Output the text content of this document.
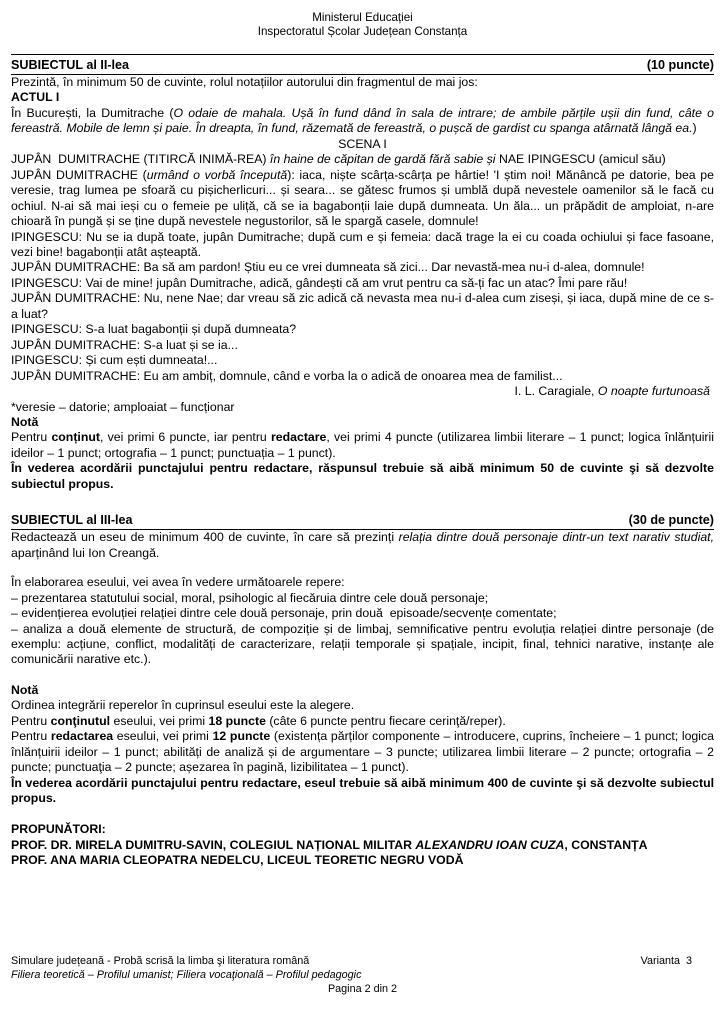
Ministerul Educației
Inspectoratul Școlar Județean Constanța
SUBIECTUL al II-lea	(10 puncte)

Prezintă, în minimum 50 de cuvinte, rolul notațiilor autorului din fragmentul de mai jos:

ACTUL I

În București, la Dumitrache (O odaie de mahala. Ușă în fund dând în sala de intrare; de ambile părțile ușii din fund, câte o fereastră. Mobile de lemn și paie. În dreapta, în fund, răzemată de fereastră, o pușcă de gardist cu spanga atârnată lângă ea.)

SCENA I

JUPÂN  DUMITRACHE (TITIRCĂ INIMĂ-REA) în haine de căpitan de gardă fără sabie și NAE IPINGESCU (amicul său)

JUPÂN DUMITRACHE (urmând o vorbă începută): iaca, niște scârța-scârța pe hârtie! 'I știm noi! Mănâncă pe datorie, bea pe veresie, trag lumea pe sfoară cu pișicherlicuri... și seara... se gătesc frumos și umblă după nevestele oamenilor să le facă cu ochiul. N-ai să mai ieși cu o femeie pe uliță, că se ia bagabonții laie după dumneata. Un ăla... un prăpădit de amploiat, n-are chioară în pungă și se ține după nevestele negustorilor, să le spargă casele, domnule!

IPINGESCU: Nu se ia după toate, jupân Dumitrache; după cum e și femeia: dacă trage la ei cu coada ochiului și face fasoane, vezi bine! bagabonții atât așteaptă.

JUPÂN DUMITRACHE: Ba să am pardon! Știu eu ce vrei dumneata să zici... Dar nevastă-mea nu-i d-alea, domnule!

IPINGESCU: Vai de mine! jupân Dumitrache, adică, gândești că am vrut pentru ca să-ți fac un atac? Îmi pare rău!

JUPÂN DUMITRACHE: Nu, nene Nae; dar vreau să zic adică că nevasta mea nu-i d-alea cum ziseși, și iaca, după mine de ce s-a luat?

IPINGESCU: S-a luat bagabonții și după dumneata?

JUPÂN DUMITRACHE: S-a luat și se ia...

IPINGESCU: Și cum ești dumneata!...

JUPÂN DUMITRACHE: Eu am ambiț, domnule, când e vorba la o adică de onoarea mea de familist...

I. L. Caragiale, O noapte furtunoasă

*veresie – datorie; amploaiat – funcționar

Notă

Pentru conținut, vei primi 6 puncte, iar pentru redactare, vei primi 4 puncte (utilizarea limbii literare – 1 punct; logica înlănțuirii ideilor – 1 punct; ortografia – 1 punct; punctuația – 1 punct).

În vederea acordării punctajului pentru redactare, răspunsul trebuie să aibă minimum 50 de cuvinte şi să dezvolte subiectul propus.

SUBIECTUL al III-lea	(30 de puncte)

Redactează un eseu de minimum 400 de cuvinte, în care să prezinți relația dintre două personaje dintr-un text narativ studiat, aparținând lui Ion Creangă.

În elaborarea eseului, vei avea în vedere următoarele repere:

– prezentarea statutului social, moral, psihologic al fiecăruia dintre cele două personaje;

– evidențierea evoluției relației dintre cele două personaje, prin două  episoade/secvențe comentate;

– analiza a două elemente de structură, de compoziție și de limbaj, semnificative pentru evoluția relației dintre personaje (de exemplu: acțiune, conflict, modalități de caracterizare, relații temporale și spațiale, incipit, final, tehnici narative, instanțe ale comunicării narative etc.).

Notă

Ordinea integrării reperelor în cuprinsul eseului este la alegere.

Pentru conţinutul eseului, vei primi 18 puncte (câte 6 puncte pentru fiecare cerinţă/reper).

Pentru redactarea eseului, vei primi 12 puncte (existența părților componente – introducere, cuprins, încheiere – 1 punct; logica înlănțuirii ideilor – 1 punct; abilități de analiză și de argumentare – 3 puncte; utilizarea limbii literare – 2 puncte; ortografia – 2 puncte; punctuaţia – 2 puncte; așezarea în pagină, lizibilitatea – 1 punct).

În vederea acordării punctajului pentru redactare, eseul trebuie să aibă minimum 400 de cuvinte şi să dezvolte subiectul propus.

PROPUNĂTORI:

PROF. DR. MIRELA DUMITRU-SAVIN, COLEGIUL NAȚIONAL MILITAR ALEXANDRU IOAN CUZA, CONSTANȚA

PROF. ANA MARIA CLEOPATRA NEDELCU, LICEUL TEORETIC NEGRU VODĂ

Simulare județeană - Probă scrisă la limba şi literatura română	Varianta  3
Filiera teoretică – Profilul umanist; Filiera vocaţională – Profilul pedagogic
Pagina 2 din 2
